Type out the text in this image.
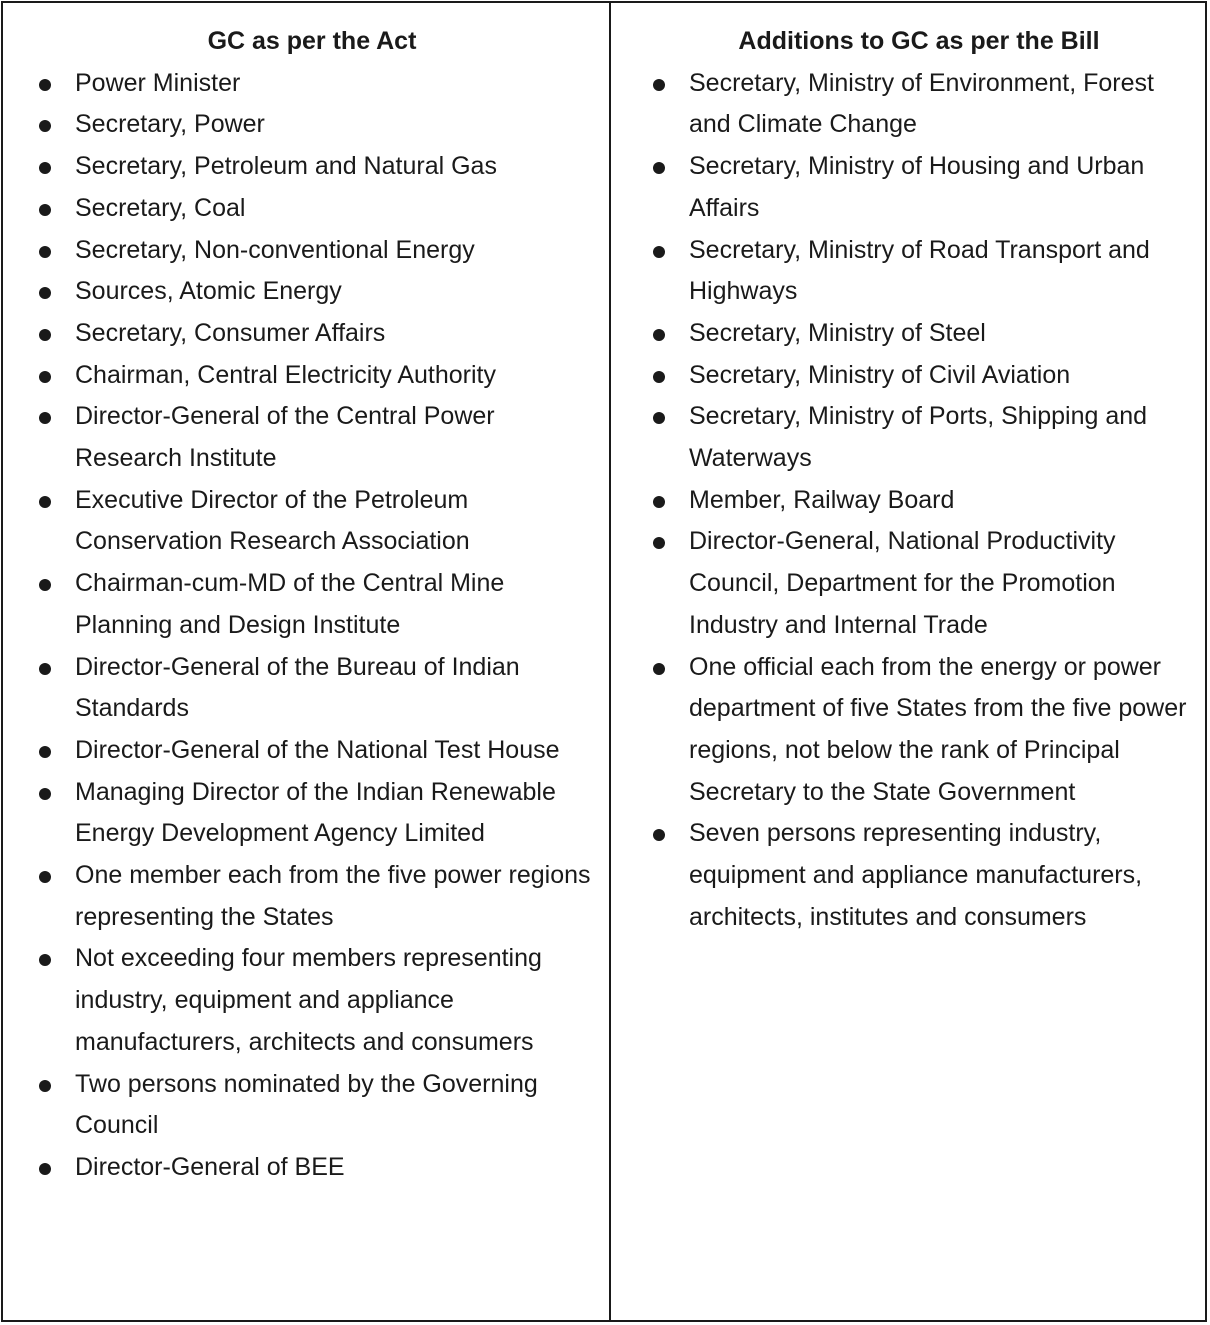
GC as per the Act

Power Minister
Secretary, Power
Secretary, Petroleum and Natural Gas
Secretary, Coal
Secretary, Non-conventional Energy
Sources, Atomic Energy
Secretary, Consumer Affairs
Chairman, Central Electricity Authority
Director-General of the Central Power Research Institute
Executive Director of the Petroleum Conservation Research Association
Chairman-cum-MD of the Central Mine Planning and Design Institute
Director-General of the Bureau of Indian Standards
Director-General of the National Test House
Managing Director of the Indian Renewable Energy Development Agency Limited
One member each from the five power regions representing the States
Not exceeding four members representing industry, equipment and appliance manufacturers, architects and consumers
Two persons nominated by the Governing Council
Director-General of BEE

Additions to GC as per the Bill

Secretary, Ministry of Environment, Forest and Climate Change
Secretary, Ministry of Housing and Urban Affairs
Secretary, Ministry of Road Transport and Highways
Secretary, Ministry of Steel
Secretary, Ministry of Civil Aviation
Secretary, Ministry of Ports, Shipping and Waterways
Member, Railway Board
Director-General, National Productivity Council, Department for the Promotion Industry and Internal Trade
One official each from the energy or power department of five States from the five power regions, not below the rank of Principal Secretary to the State Government
Seven persons representing industry, equipment and appliance manufacturers, architects, institutes and consumers
